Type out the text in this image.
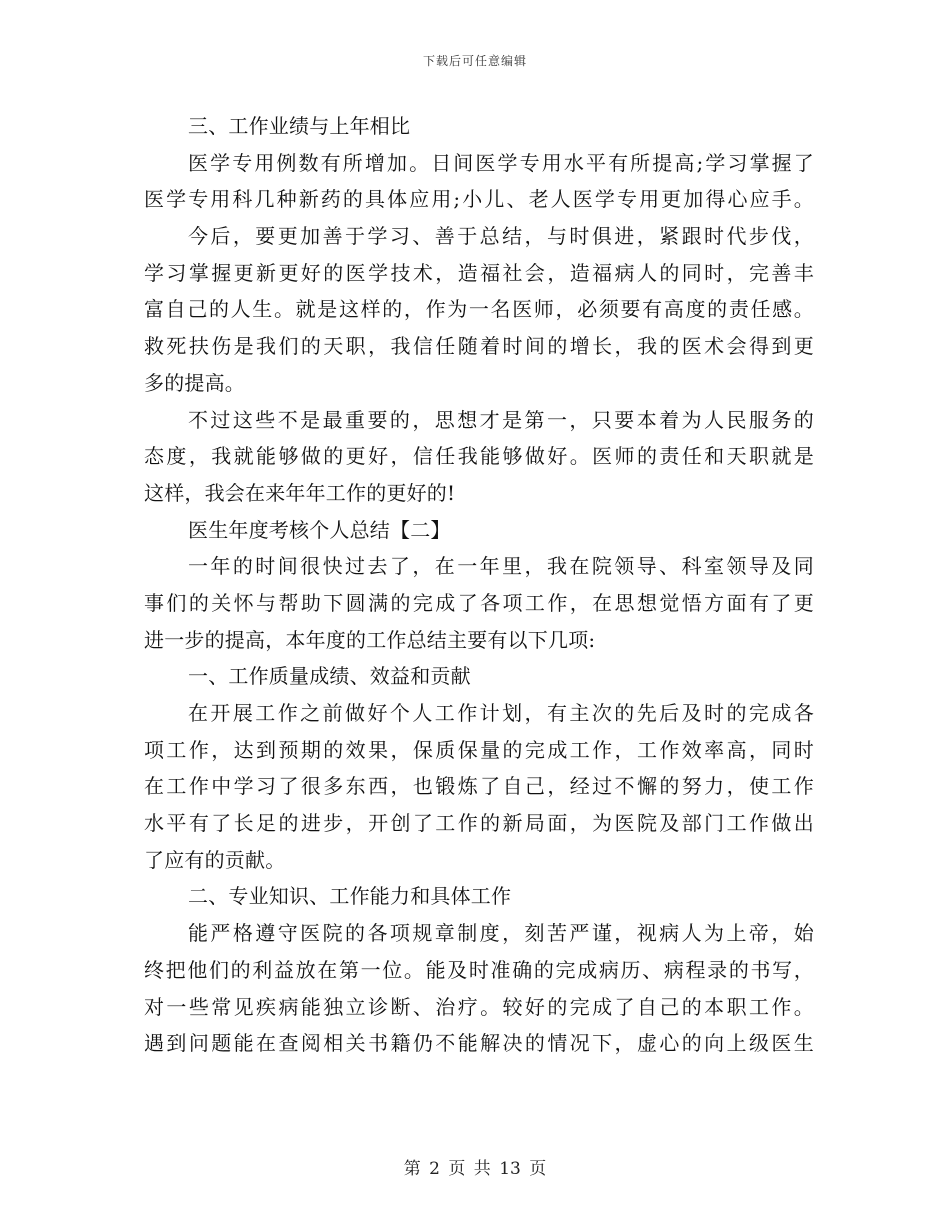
下载后可任意编辑
三、工作业绩与上年相比
医学专用例数有所增加。日间医学专用水平有所提高;学习掌握了
医学专用科几种新药的具体应用;小儿、老人医学专用更加得心应手。
今后，要更加善于学习、善于总结，与时俱进，紧跟时代步伐，
学习掌握更新更好的医学技术，造福社会，造福病人的同时，完善丰
富自己的人生。就是这样的，作为一名医师，必须要有高度的责任感。
救死扶伤是我们的天职，我信任随着时间的增长，我的医术会得到更
多的提高。
不过这些不是最重要的，思想才是第一，只要本着为人民服务的
态度，我就能够做的更好，信任我能够做好。医师的责任和天职就是
这样，我会在来年年工作的更好的!
医生年度考核个人总结【二】
一年的时间很快过去了，在一年里，我在院领导、科室领导及同
事们的关怀与帮助下圆满的完成了各项工作，在思想觉悟方面有了更
进一步的提高，本年度的工作总结主要有以下几项:
一、工作质量成绩、效益和贡献
在开展工作之前做好个人工作计划，有主次的先后及时的完成各
项工作，达到预期的效果，保质保量的完成工作，工作效率高，同时
在工作中学习了很多东西，也锻炼了自己，经过不懈的努力，使工作
水平有了长足的进步，开创了工作的新局面，为医院及部门工作做出
了应有的贡献。
二、专业知识、工作能力和具体工作
能严格遵守医院的各项规章制度，刻苦严谨，视病人为上帝，始
终把他们的利益放在第一位。能及时准确的完成病历、病程录的书写，
对一些常见疾病能独立诊断、治疗。较好的完成了自己的本职工作。
遇到问题能在查阅相关书籍仍不能解决的情况下，虚心的向上级医生
第 2 页 共 13 页
